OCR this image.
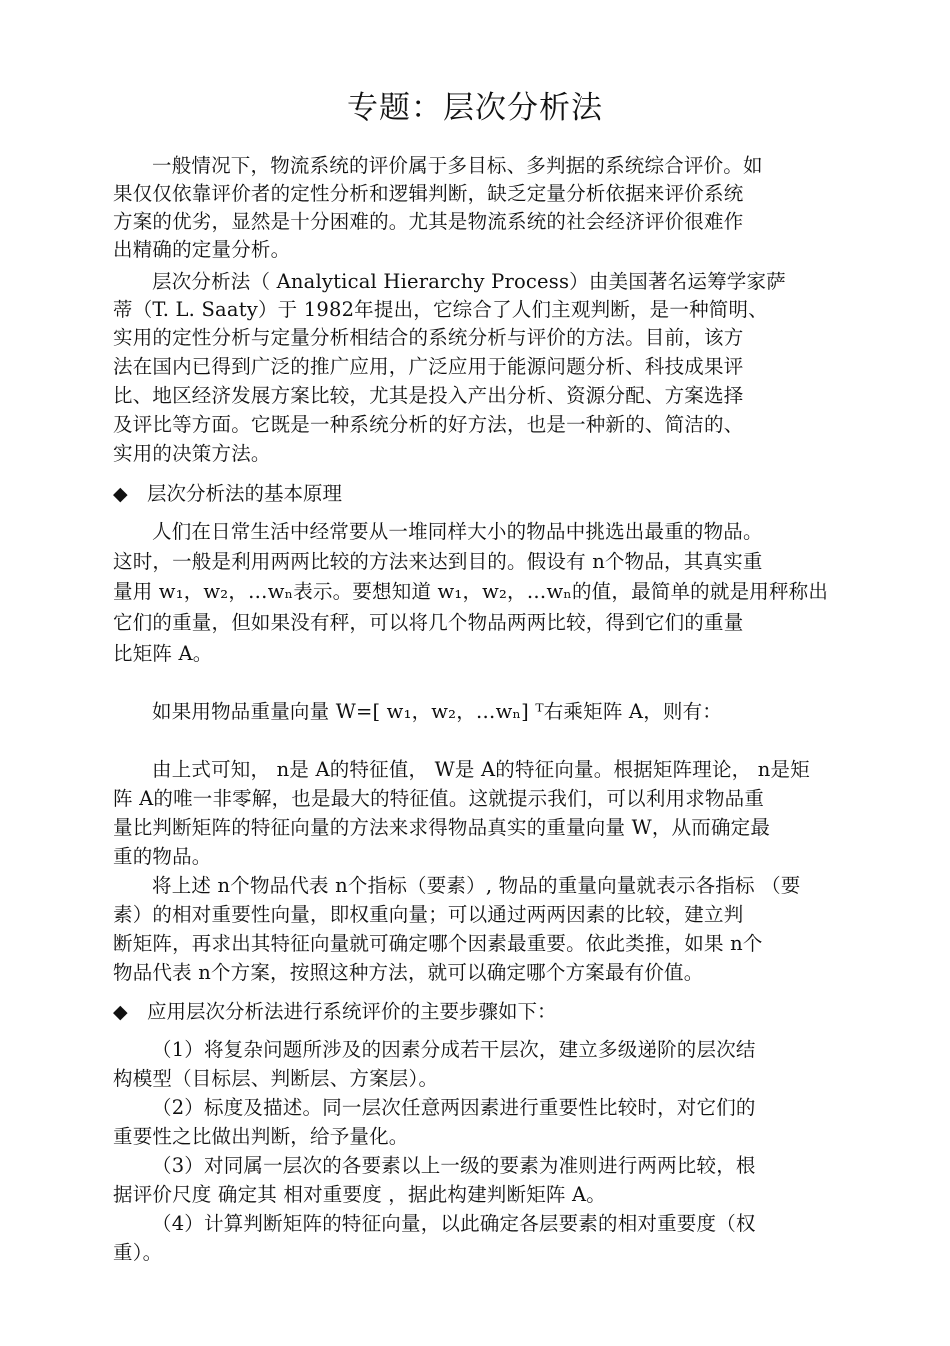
专题：层次分析法
一般情况下，物流系统的评价属于多目标、多判据的系统综合评价。如
果仅仅依靠评价者的定性分析和逻辑判断，缺乏定量分析依据来评价系统
方案的优劣，显然是十分困难的。尤其是物流系统的社会经济评价很难作
出精确的定量分析。
层次分析法（ Analytical Hierarchy Process）由美国著名运筹学家萨
蒂（T. L. Saaty）于 1982年提出，它综合了人们主观判断，是一种简明、
实用的定性分析与定量分析相结合的系统分析与评价的方法。目前，该方
法在国内已得到广泛的推广应用，广泛应用于能源问题分析、科技成果评
比、地区经济发展方案比较，尤其是投入产出分析、资源分配、方案选择
及评比等方面。它既是一种系统分析的好方法，也是一种新的、简洁的、
实用的决策方法。
◆ 层次分析法的基本原理
人们在日常生活中经常要从一堆同样大小的物品中挑选出最重的物品。
这时，一般是利用两两比较的方法来达到目的。假设有 n个物品，其真实重
量用 w₁，w₂，…wₙ表示。要想知道 w₁，w₂，…wₙ的值，最简单的就是用秤称出
它们的重量，但如果没有秤，可以将几个物品两两比较，得到它们的重量
比矩阵 A。
如果用物品重量向量 W=[ w₁，w₂，…wₙ] ᵀ右乘矩阵 A，则有：
由上式可知， n是 A的特征值， W是 A的特征向量。根据矩阵理论， n是矩
阵 A的唯一非零解，也是最大的特征值。这就提示我们，可以利用求物品重
量比判断矩阵的特征向量的方法来求得物品真实的重量向量 W，从而确定最
重的物品。
将上述 n个物品代表 n个指标（要素）, 物品的重量向量就表示各指标 （要
素）的相对重要性向量，即权重向量；可以通过两两因素的比较，建立判
断矩阵，再求出其特征向量就可确定哪个因素最重要。依此类推，如果 n个
物品代表 n个方案，按照这种方法，就可以确定哪个方案最有价值。
◆ 应用层次分析法进行系统评价的主要步骤如下：
（1）将复杂问题所涉及的因素分成若干层次，建立多级递阶的层次结
构模型（目标层、判断层、方案层）。
（2）标度及描述。同一层次任意两因素进行重要性比较时，对它们的
重要性之比做出判断，给予量化。
（3）对同属一层次的各要素以上一级的要素为准则进行两两比较，根
据评价尺度 确定其 相对重要度 ，据此构建判断矩阵 A。
（4）计算判断矩阵的特征向量，以此确定各层要素的相对重要度（权
重）。
